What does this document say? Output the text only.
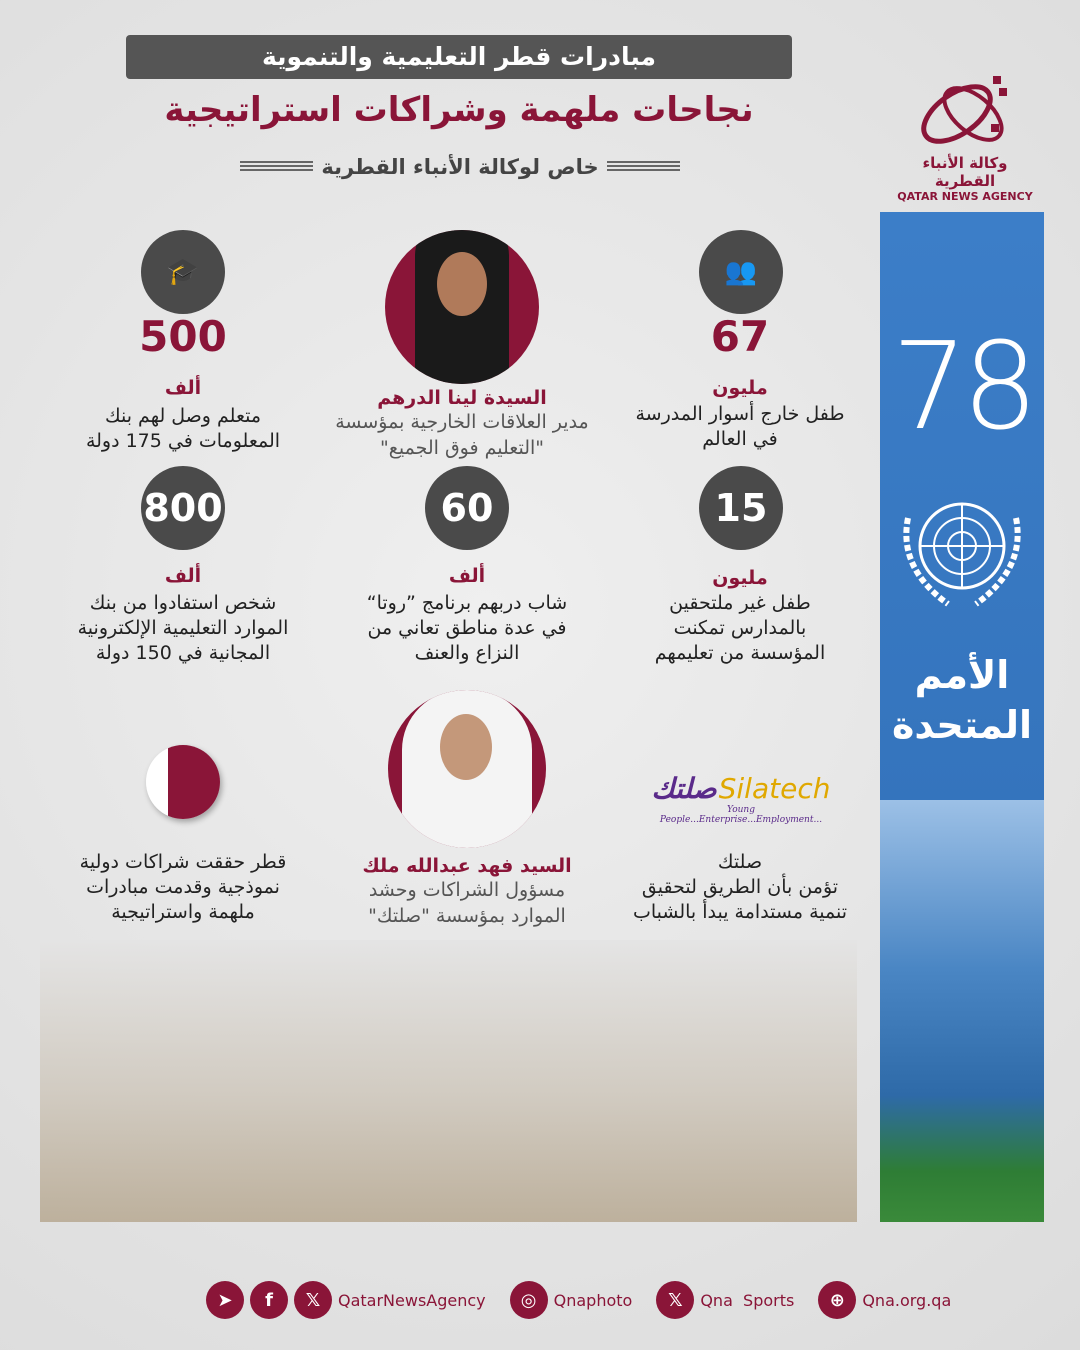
مبادرات قطر التعليمية والتنموية
نجاحات ملهمة وشراكات استراتيجية
خاص لوكالة الأنباء القطرية	وكالة الأنباء القطرية
QATAR NEWS AGENCY
🎓
500
ألف
متعلم وصل لهم بنك
المعلومات في 175 دولة
👥
67
مليون
طفل خارج أسوار المدرسة
في العالم
السيدة لينا الدرهم
مدير العلاقات الخارجية بمؤسسة
"التعليم فوق الجميع"
800
ألف
شخص استفادوا من بنك
الموارد التعليمية الإلكترونية
المجانية في 150 دولة
60
ألف
شاب دربهم برنامج ”روتا“
في عدة مناطق تعاني من
النزاع والعنف
15
مليون
طفل غير ملتحقين
بالمدارس تمكنت
المؤسسة من تعليمهم
قطر حققت شراكات دولية
نموذجية وقدمت مبادرات
ملهمة واستراتيجية
السيد فهد عبدالله ملك
مسؤول الشراكات وحشد
الموارد بمؤسسة "صلتك"
صلتك Silatech
Young People...Enterprise...Employment...
صلتك
تؤمن بأن الطريق لتحقيق
تنمية مستدامة يبدأ بالشباب
78
الأمم
المتحدة
➤	f	𝕏	QatarNewsAgency	◎	Qnaphoto	𝕏	Qna  Sports	⊕	Qna.org.qa
